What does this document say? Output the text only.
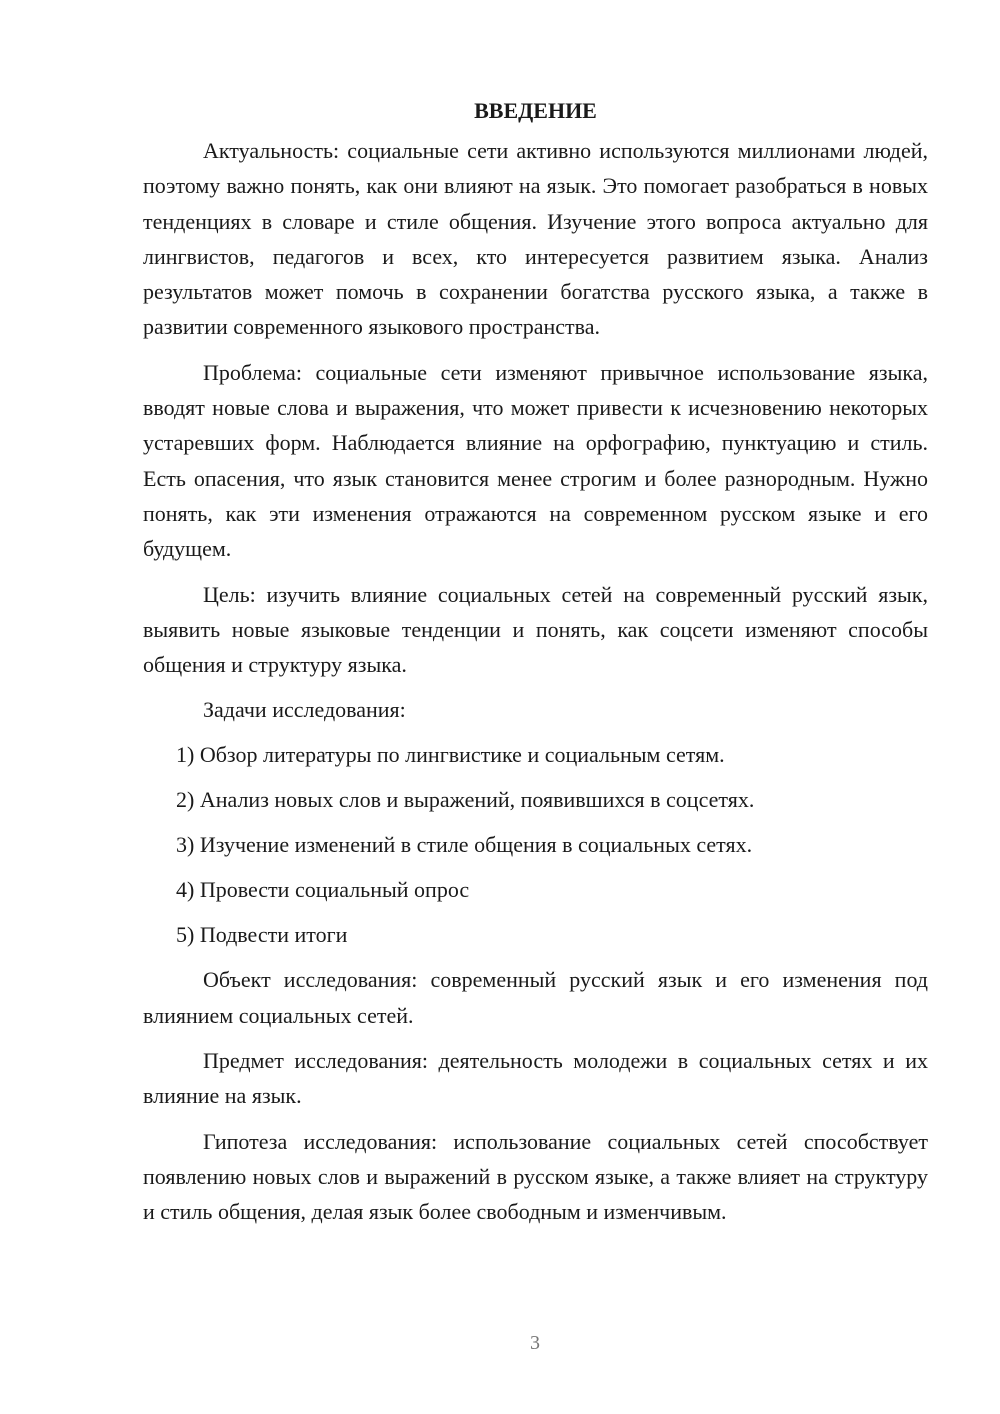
ВВЕДЕНИЕ

Актуальность: социальные сети активно используются миллионами людей, поэтому важно понять, как они влияют на язык. Это помогает разобраться в новых тенденциях в словаре и стиле общения. Изучение этого вопроса актуально для лингвистов, педагогов и всех, кто интересуется развитием языка. Анализ результатов может помочь в сохранении богатства русского языка, а также в развитии современного языкового пространства.

Проблема: социальные сети изменяют привычное использование языка, вводят новые слова и выражения, что может привести к исчезновению некоторых устаревших форм. Наблюдается влияние на орфографию, пунктуацию и стиль. Есть опасения, что язык становится менее строгим и более разнородным. Нужно понять, как эти изменения отражаются на современном русском языке и его будущем.

Цель: изучить влияние социальных сетей на современный русский язык, выявить новые языковые тенденции и понять, как соцсети изменяют способы общения и структуру языка.

Задачи исследования:
1) Обзор литературы по лингвистике и социальным сетям.
2) Анализ новых слов и выражений, появившихся в соцсетях.
3) Изучение изменений в стиле общения в социальных сетях.
4) Провести социальный опрос
5) Подвести итоги

Объект исследования: современный русский язык и его изменения под влиянием социальных сетей.

Предмет исследования: деятельность молодежи в социальных сетях и их влияние на язык.

Гипотеза исследования: использование социальных сетей способствует появлению новых слов и выражений в русском языке, а также влияет на структуру и стиль общения, делая язык более свободным и изменчивым.

3
